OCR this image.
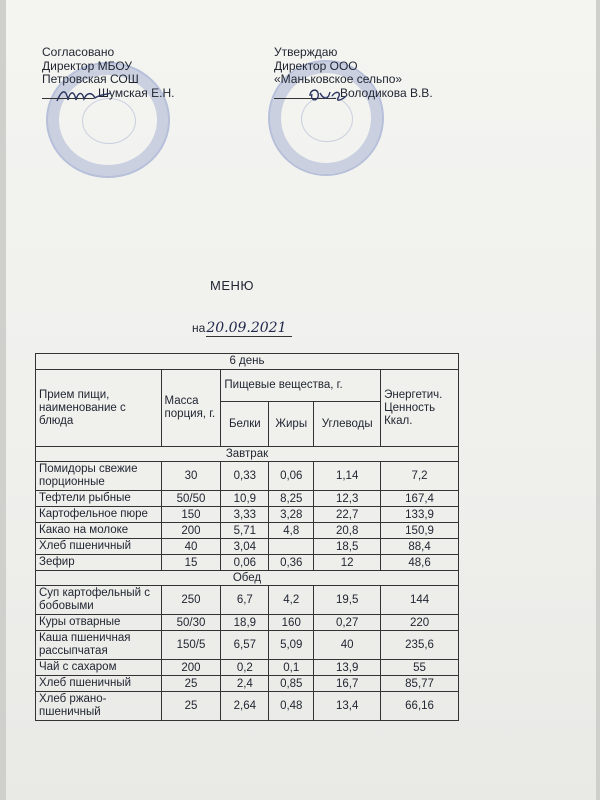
Согласовано
Директор МБОУ
Петровская СОШ
Шумская Е.Н.
Утверждаю
Директор ООО
«Маньковское сельпо»
Володикова В.В.
МЕНЮ
на20.09.2021
6 день					
Прием пищи, наименование с блюда	Масса порция, г.	Пищевые вещества, г.			Энергетич. Ценность Ккал.
		Белки	Жиры	Углеводы	
Завтрак					
Помидоры свежие порционные	30	0,33	0,06	1,14	7,2
Тефтели рыбные	50/50	10,9	8,25	12,3	167,4
Картофельное пюре	150	3,33	3,28	22,7	133,9
Какао на молоке	200	5,71	4,8	20,8	150,9
Хлеб пшеничный	40	3,04		18,5	88,4
Зефир	15	0,06	0,36	12	48,6
Обед					
Суп картофельный с бобовыми	250	6,7	4,2	19,5	144
Куры отварные	50/30	18,9	160	0,27	220
Каша пшеничная рассыпчатая	150/5	6,57	5,09	40	235,6
Чай с сахаром	200	0,2	0,1	13,9	55
Хлеб пшеничный	25	2,4	0,85	16,7	85,77
Хлеб ржано-пшеничный	25	2,64	0,48	13,4	66,16
